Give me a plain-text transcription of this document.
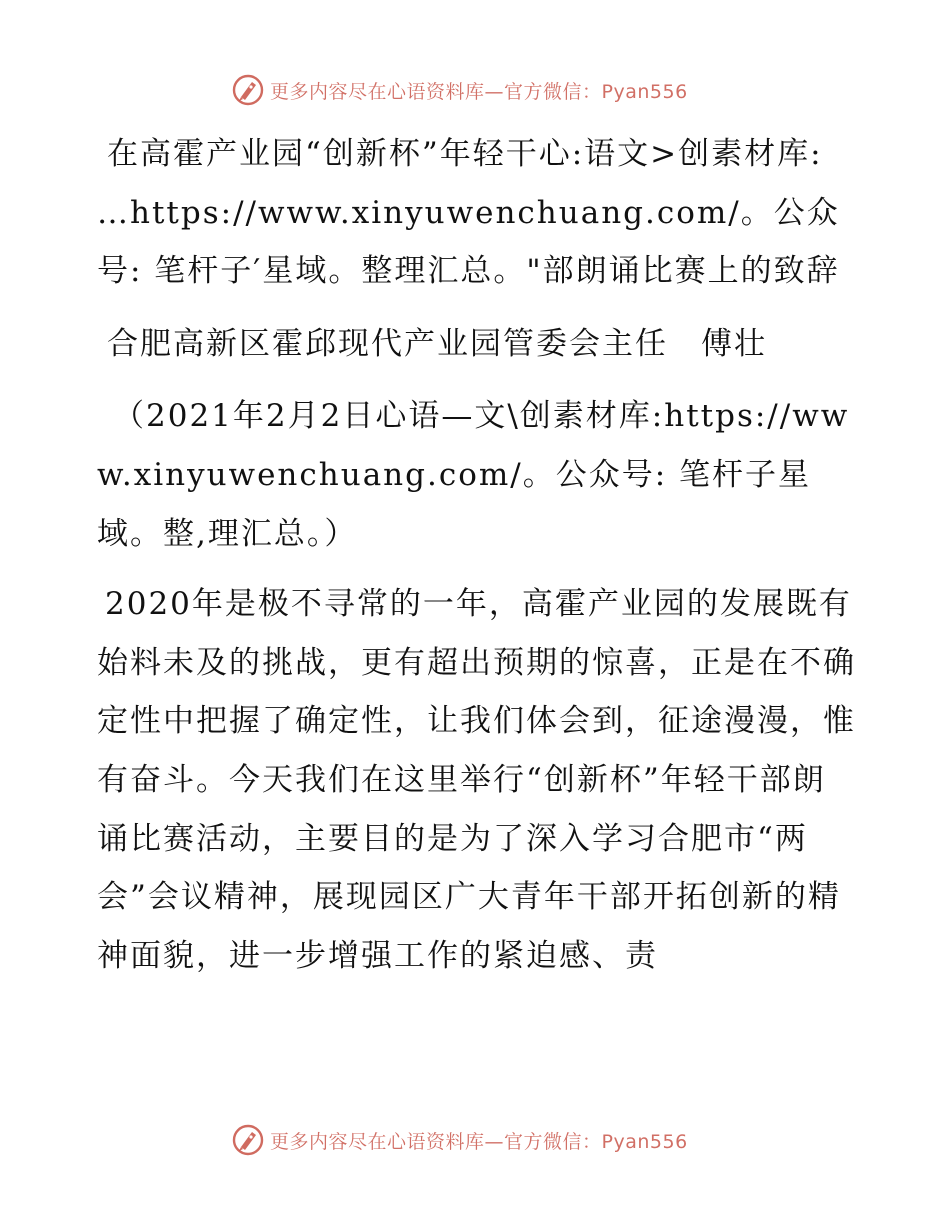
更多内容尽在心语资料库—官方微信：Pyan556

在高霍产业园“创新杯”年轻干心:语文>创素材库: …https://www.xinyuwenchuang.com/。公众号: 笔杆子′星域。整理汇总。"部朗诵比赛上的致辞

合肥高新区霍邱现代产业园管委会主任　傅壮

（2021年2月2日心语—文\创素材库:https://www.xinyuwenchuang.com/。公众号: 笔杆子星域。整,理汇总。）

2020年是极不寻常的一年，高霍产业园的发展既有始料未及的挑战，更有超出预期的惊喜，正是在不确定性中把握了确定性，让我们体会到，征途漫漫，惟有奋斗。今天我们在这里举行“创新杯”年轻干部朗诵比赛活动，主要目的是为了深入学习合肥市“两会”会议精神，展现园区广大青年干部开拓创新的精神面貌，进一步增强工作的紧迫感、责

更多内容尽在心语资料库—官方微信：Pyan556
